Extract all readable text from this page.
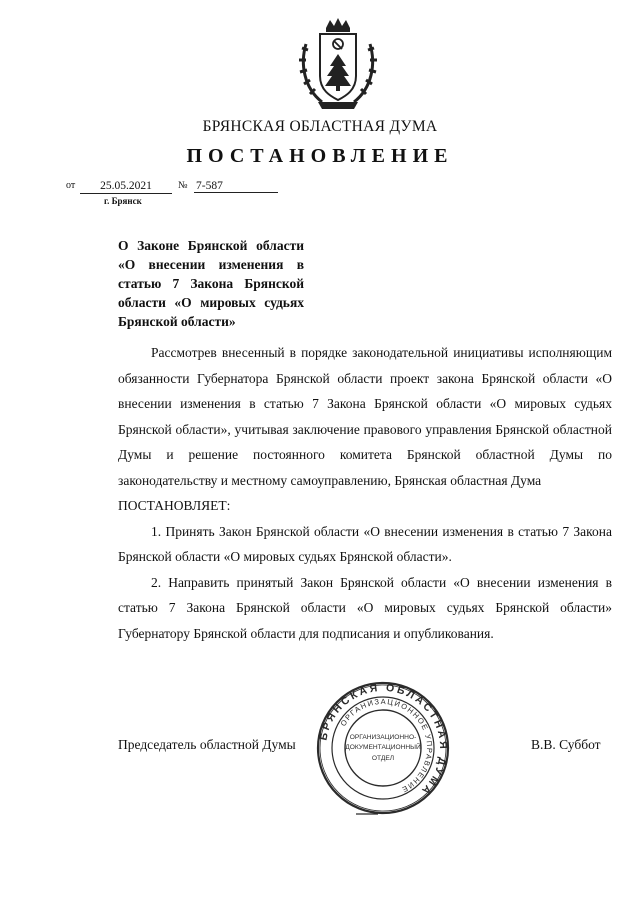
БРЯНСКАЯ ОБЛАСТНАЯ ДУМА
ПОСТАНОВЛЕНИЕ
от	25.05.2021	№ 7-587
г. Брянск
О Законе Брянской области «О внесении изменения в статью 7 Закона Брянской области «О мировых судьях Брянской области»

Рассмотрев внесенный в порядке законодательной инициативы исполняющим обязанности Губернатора Брянской области проект закона Брянской области «О внесении изменения в статью 7 Закона Брянской области «О мировых судьях Брянской области», учитывая заключение правового управления Брянской областной Думы и решение постоянного комитета Брянской областной Думы по законодательству и местному самоуправлению, Брянская областная Дума

ПОСТАНОВЛЯЕТ:

1. Принять Закон Брянской области «О внесении изменения в статью 7 Закона Брянской области «О мировых судьях Брянской области».

2. Направить принятый Закон Брянской области «О внесении изменения в статью 7 Закона Брянской области «О мировых судьях Брянской области» Губернатору Брянской области для подписания и опубликования.

Председатель областной Думы	В.В. Суббот
БРЯНСКАЯ ОБЛАСТНАЯ ДУМА
ОРГАНИЗАЦИОННОЕ УПРАВЛЕНИЕ
ОРГАНИЗАЦИОННО-
ДОКУМЕНТАЦИОННЫЙ
ОТДЕЛ
